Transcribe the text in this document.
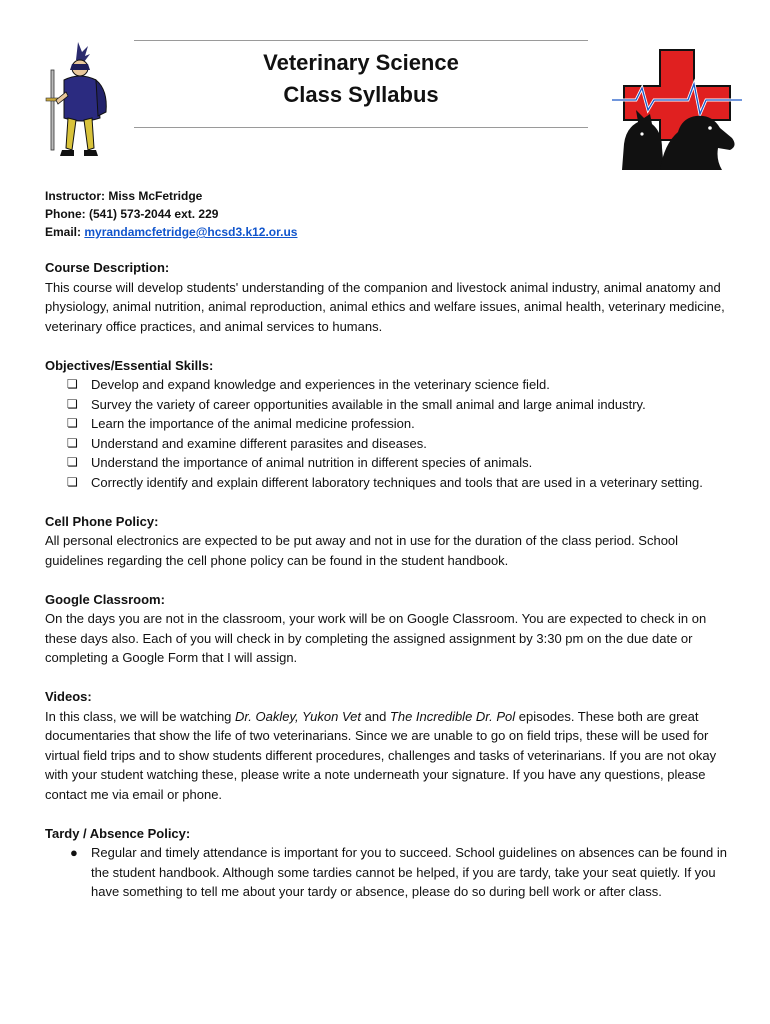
Veterinary Science
Class Syllabus
Instructor: Miss McFetridge
Phone: (541) 573-2044 ext. 229
Email: myrandamcfetridge@hcsd3.k12.or.us

Course Description:

This course will develop students' understanding of the companion and livestock animal industry, animal anatomy and physiology, animal nutrition, animal reproduction, animal ethics and welfare issues, animal health, veterinary medicine, veterinary office practices, and animal services to humans.

Objectives/Essential Skills:

❏ Develop and expand knowledge and experiences in the veterinary science field.
❏ Survey the variety of career opportunities available in the small animal and large animal industry.
❏ Learn the importance of the animal medicine profession.
❏ Understand and examine different parasites and diseases.
❏ Understand the importance of animal nutrition in different species of animals.
❏ Correctly identify and explain different laboratory techniques and tools that are used in a veterinary setting.

Cell Phone Policy:

All personal electronics are expected to be put away and not in use for the duration of the class period. School guidelines regarding the cell phone policy can be found in the student handbook.

Google Classroom:

On the days you are not in the classroom, your work will be on Google Classroom. You are expected to check in on these days also. Each of you will check in by completing the assigned assignment by 3:30 pm on the due date or completing a Google Form that I will assign.

Videos:

In this class, we will be watching Dr. Oakley, Yukon Vet and The Incredible Dr. Pol episodes. These both are great documentaries that show the life of two veterinarians. Since we are unable to go on field trips, these will be used for virtual field trips and to show students different procedures, challenges and tasks of veterinarians. If you are not okay with your student watching these, please write a note underneath your signature. If you have any questions, please contact me via email or phone.

Tardy / Absence Policy:

● Regular and timely attendance is important for you to succeed. School guidelines on absences can be found in the student handbook. Although some tardies cannot be helped, if you are tardy, take your seat quietly. If you have something to tell me about your tardy or absence, please do so during bell work or after class.
